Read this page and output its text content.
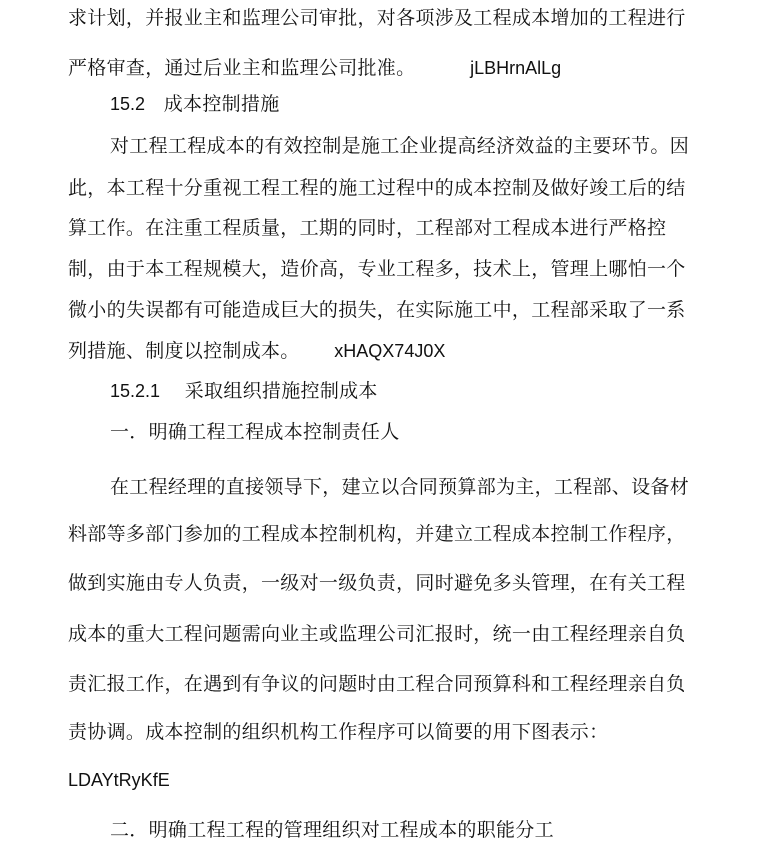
求计划，并报业主和监理公司审批，对各项涉及工程成本增加的工程进行
严格审查，通过后业主和监理公司批准。	jLBHrnAlLg
15.2 成本控制措施
对工程工程成本的有效控制是施工企业提高经济效益的主要环节。因
此，本工程十分重视工程工程的施工过程中的成本控制及做好竣工后的结
算工作。在注重工程质量，工期的同时，工程部对工程成本进行严格控
制，由于本工程规模大，造价高，专业工程多，技术上，管理上哪怕一个
微小的失误都有可能造成巨大的损失，在实际施工中，工程部采取了一系
列措施、制度以控制成本。 xHAQX74J0X
15.2.1 采取组织措施控制成本
一．明确工程工程成本控制责任人
在工程经理的直接领导下，建立以合同预算部为主，工程部、设备材
料部等多部门参加的工程成本控制机构，并建立工程成本控制工作程序，
做到实施由专人负责，一级对一级负责，同时避免多头管理，在有关工程
成本的重大工程问题需向业主或监理公司汇报时，统一由工程经理亲自负
责汇报工作，在遇到有争议的问题时由工程合同预算科和工程经理亲自负
责协调。成本控制的组织机构工作程序可以简要的用下图表示：
LDAYtRyKfE
二．明确工程工程的管理组织对工程成本的职能分工
